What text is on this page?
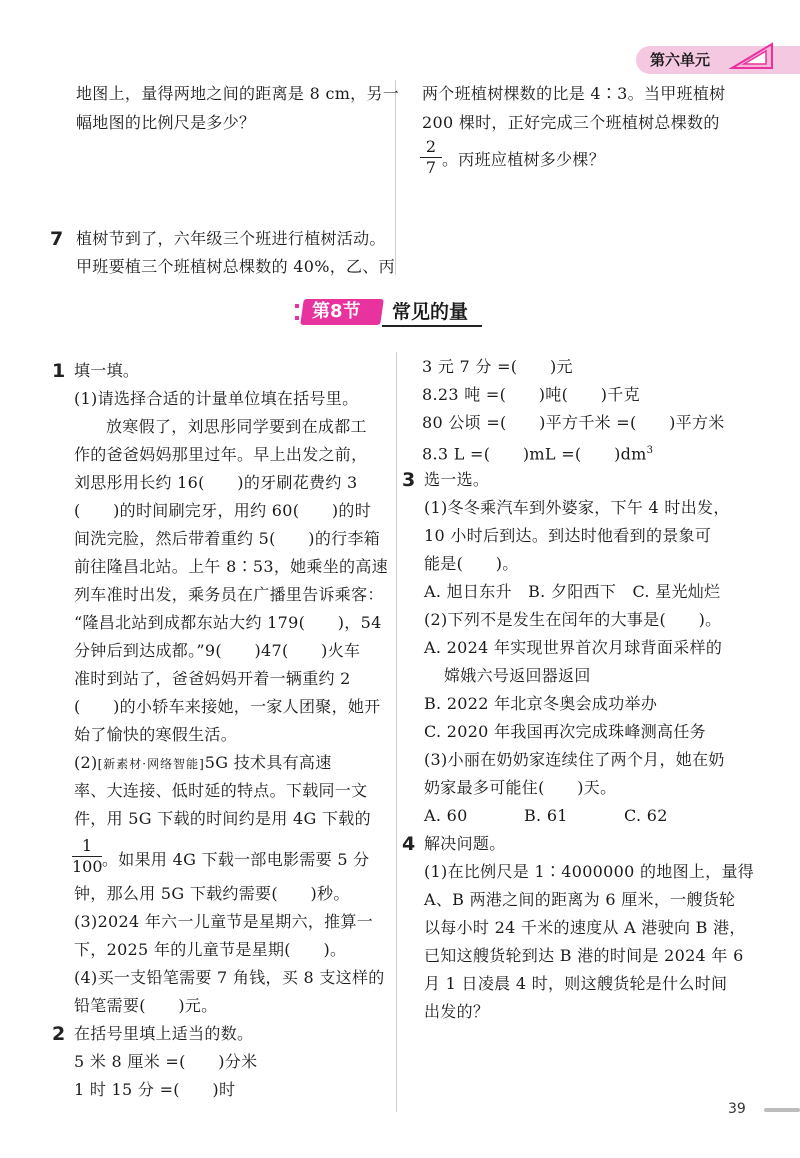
第六单元
地图上，量得两地之间的距离是 8 cm，另一
幅地图的比例尺是多少？
7 植树节到了，六年级三个班进行植树活动。
甲班要植三个班植树总棵数的 40%，乙、丙
两个班植树棵数的比是 4∶3。当甲班植树
200 棵时，正好完成三个班植树总棵数的
2
7 。丙班应植树多少棵？
第8节 常见的量
1 填一填。
(1)请选择合适的计量单位填在括号里。
放寒假了，刘思彤同学要到在成都工
作的爸爸妈妈那里过年。早上出发之前，
刘思彤用长约 16(　　)的牙刷花费约 3
(　　)的时间刷完牙，用约 60(　　)的时
间洗完脸，然后带着重约 5(　　)的行李箱
前往隆昌北站。上午 8∶53，她乘坐的高速
列车准时出发，乘务员在广播里告诉乘客：
“隆昌北站到成都东站大约 179(　　)，54
分钟后到达成都。”9(　　)47(　　)火车
准时到站了，爸爸妈妈开着一辆重约 2
(　　)的小轿车来接她，一家人团聚，她开
始了愉快的寒假生活。
(2)[新素材·网络智能]5G 技术具有高速
率、大连接、低时延的特点。下载同一文
件，用 5G 下载的时间约是用 4G 下载的
1
100 。如果用 4G 下载一部电影需要 5 分
钟，那么用 5G 下载约需要(　　)秒。
(3)2024 年六一儿童节是星期六，推算一
下，2025 年的儿童节是星期(　　)。
(4)买一支铅笔需要 7 角钱，买 8 支这样的
铅笔需要(　　)元。
2 在括号里填上适当的数。
5 米 8 厘米 =(　　)分米
1 时 15 分 =(　　)时
3 元 7 分 =(　　)元
8.23 吨 =(　　)吨(　　)千克
80 公顷 =(　　)平方千米 =(　　)平方米
8.3 L =(　　)mL =(　　)$dm^3$
3 选一选。
(1)冬冬乘汽车到外婆家，下午 4 时出发，
10 小时后到达。到达时他看到的景象可
能是(　　)。
A. 旭日东升　B. 夕阳西下　C. 星光灿烂
(2)下列不是发生在闰年的大事是(　　)。
A. 2024 年实现世界首次月球背面采样的
嫦娥六号返回器返回
B. 2022 年北京冬奥会成功举办
C. 2020 年我国再次完成珠峰测高任务
(3)小丽在奶奶家连续住了两个月，她在奶
奶家最多可能住(　　)天。
A. 60	B. 61	C. 62
4 解决问题。
(1)在比例尺是 1∶4000000 的地图上，量得
A、B 两港之间的距离为 6 厘米，一艘货轮
以每小时 24 千米的速度从 A 港驶向 B 港，
已知这艘货轮到达 B 港的时间是 2024 年 6
月 1 日凌晨 4 时，则这艘货轮是什么时间
出发的？
39
